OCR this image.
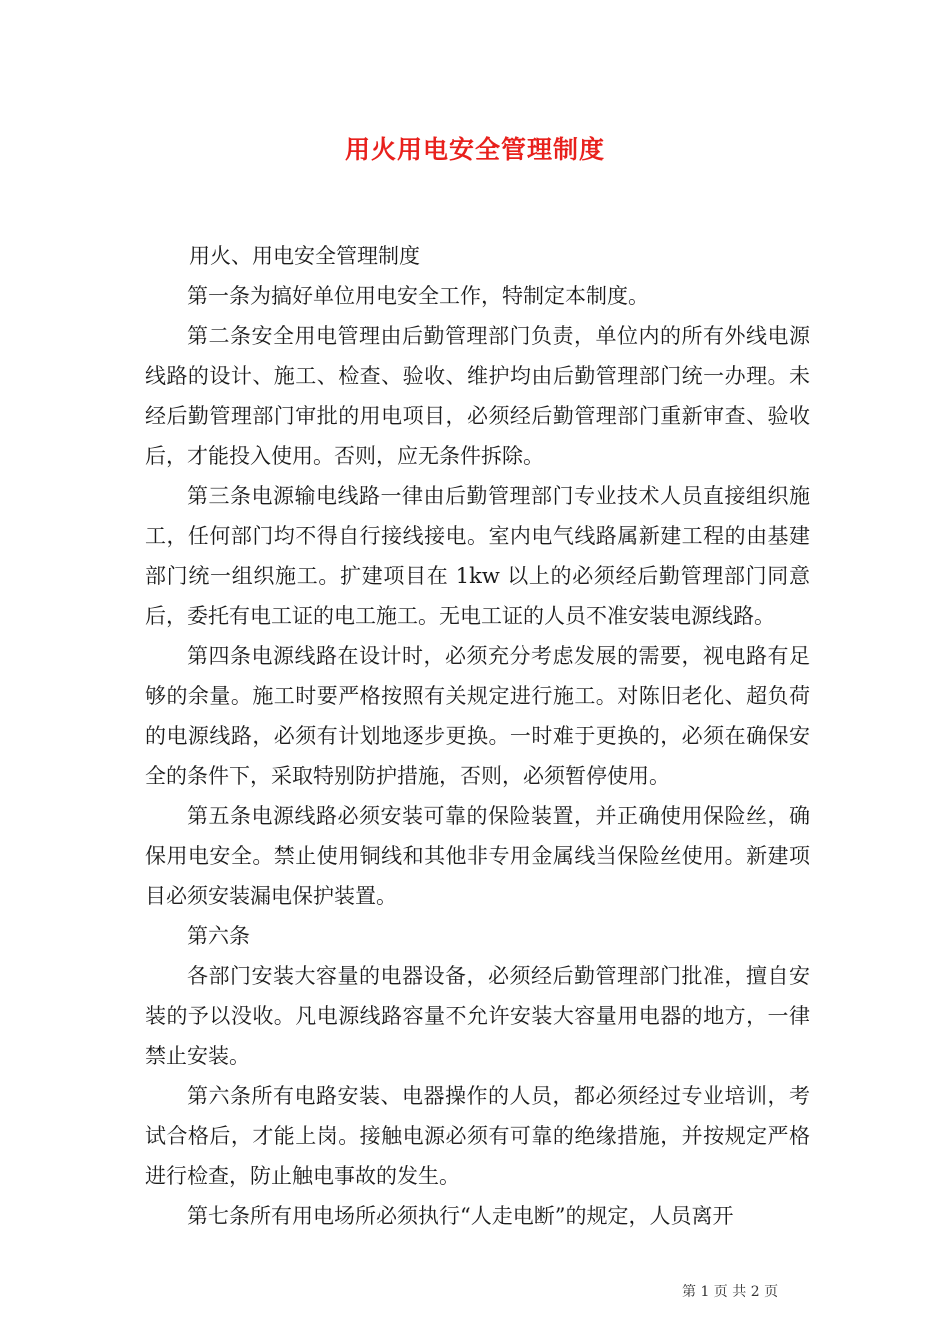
用火用电安全管理制度

用火、用电安全管理制度

第一条为搞好单位用电安全工作，特制定本制度。

第二条安全用电管理由后勤管理部门负责，单位内的所有外线电源线路的设计、施工、检查、验收、维护均由后勤管理部门统一办理。未经后勤管理部门审批的用电项目，必须经后勤管理部门重新审查、验收后，才能投入使用。否则，应无条件拆除。

第三条电源输电线路一律由后勤管理部门专业技术人员直接组织施工，任何部门均不得自行接线接电。室内电气线路属新建工程的由基建部门统一组织施工。扩建项目在 1kw 以上的必须经后勤管理部门同意后，委托有电工证的电工施工。无电工证的人员不准安装电源线路。

第四条电源线路在设计时，必须充分考虑发展的需要，视电路有足够的余量。施工时要严格按照有关规定进行施工。对陈旧老化、超负荷的电源线路，必须有计划地逐步更换。一时难于更换的，必须在确保安全的条件下，采取特别防护措施，否则，必须暂停使用。

第五条电源线路必须安装可靠的保险装置，并正确使用保险丝，确保用电安全。禁止使用铜线和其他非专用金属线当保险丝使用。新建项目必须安装漏电保护装置。

第六条

各部门安装大容量的电器设备，必须经后勤管理部门批准，擅自安装的予以没收。凡电源线路容量不允许安装大容量用电器的地方，一律禁止安装。

第六条所有电路安装、电器操作的人员，都必须经过专业培训，考试合格后，才能上岗。接触电源必须有可靠的绝缘措施，并按规定严格进行检查，防止触电事故的发生。

第七条所有用电场所必须执行“人走电断”的规定，人员离开

第 1 页 共 2 页
